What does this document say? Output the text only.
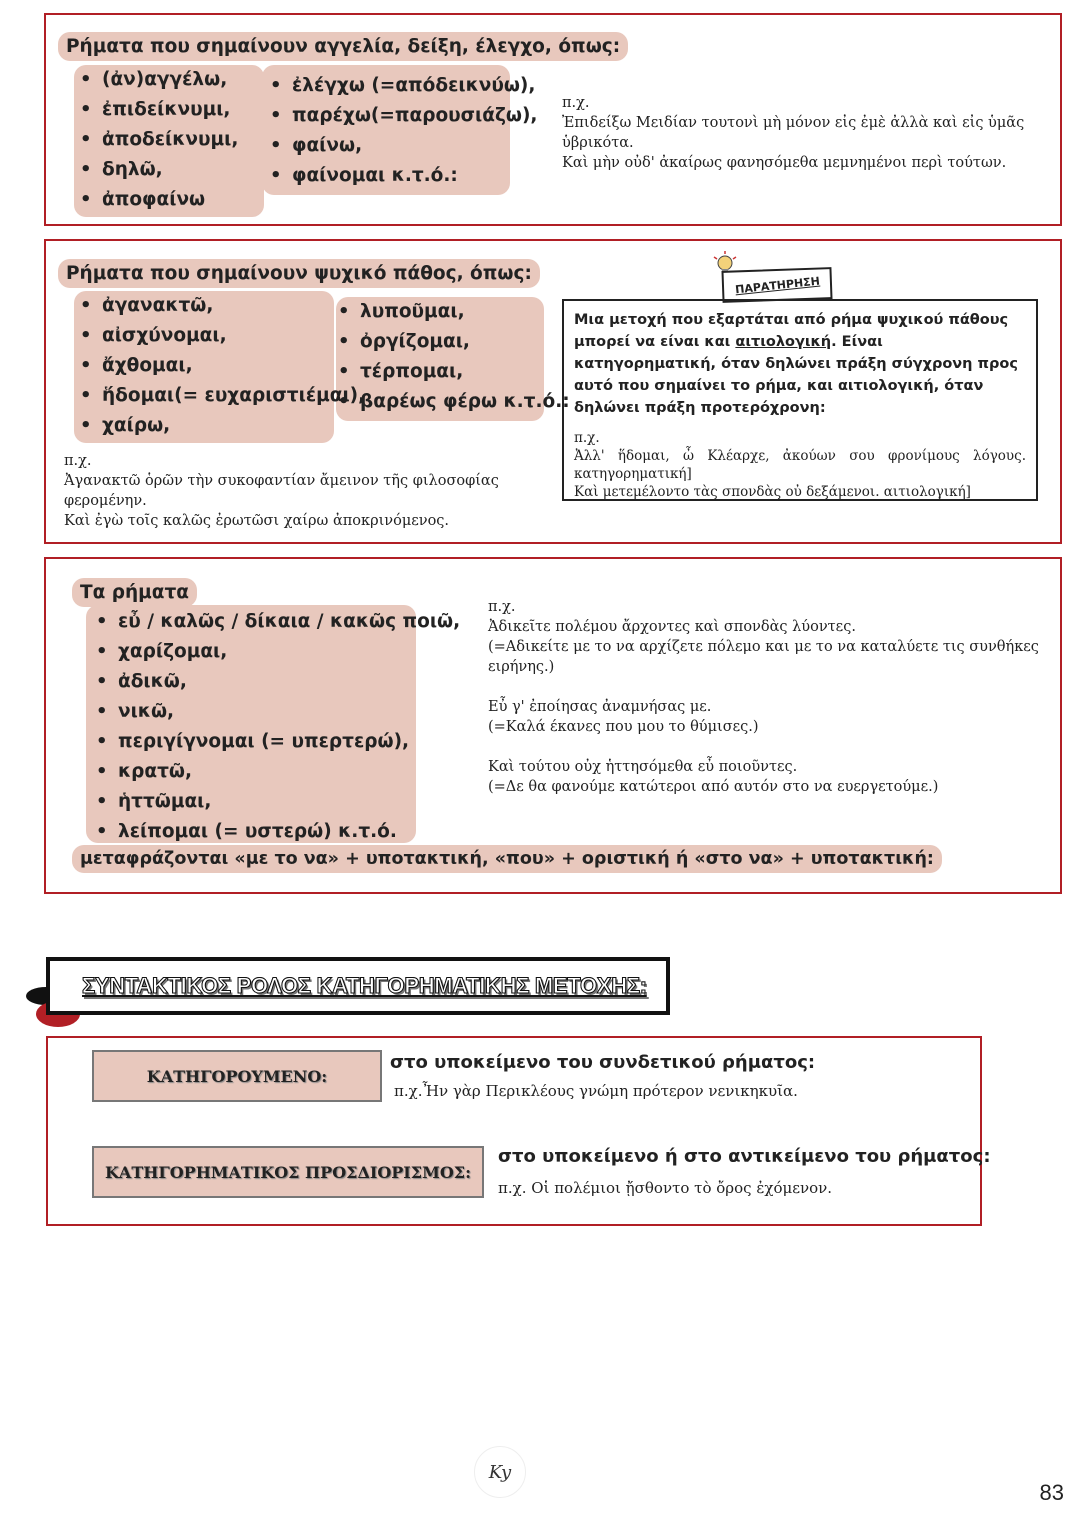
Ρήματα που σημαίνουν αγγελία, δείξη, έλεγχο, όπως:
• (ἀν)αγγέλω,
• ἐπιδείκνυμι,
• ἀποδείκνυμι,
• δηλῶ,
• ἀποφαίνω
• ἐλέγχω (=απόδεικνύω),
• παρέχω(=παρουσιάζω),
• φαίνω,
• φαίνομαι κ.τ.ό.:
π.χ.
Ἐπιδείξω Μειδίαν τουτονὶ μὴ μόνον εἰς ἐμὲ ἀλλὰ καὶ εἰς ὑμᾶς ὑβρικότα.
Καὶ μὴν οὐδ' ἀκαίρως φανησόμεθα μεμνημένοι περὶ τούτων.
Ρήματα που σημαίνουν ψυχικό πάθος, όπως:
• ἀγανακτῶ,
• αἰσχύνομαι,
• ἄχθομαι,
• ἥδομαι(= ευχαριστιέμαι),
• χαίρω,
• λυποῦμαι,
• ὀργίζομαι,
• τέρπομαι,
• βαρέως φέρω κ.τ.ό.:
π.χ.
Ἀγανακτῶ ὁρῶν τὴν συκοφαντίαν ἄμεινον τῆς φιλοσοφίας φερομένην.
Καὶ ἐγὼ τοῖς καλῶς ἐρωτῶσι χαίρω ἀποκρινόμενος.
ΠΑΡΑΤΗΡΗΣΗ
Μια μετοχή που εξαρτάται από ρήμα ψυχικού πάθους μπορεί να είναι και αιτιολογική. Είναι κατηγορηματική, όταν δηλώνει πράξη σύγχρονη προς αυτό που σημαίνει το ρήμα, και αιτιολογική, όταν δηλώνει πράξη προτερόχρονη:
π.χ.
Ἀλλ' ἥδομαι, ὦ Κλέαρχε, ἀκούων σου φρονίμους λόγους. κατηγορηματική]
Καὶ μετεμέλοντο τὰς σπονδὰς οὐ δεξάμενοι. αιτιολογική]
Τα ρήματα
• εὖ / καλῶς / δίκαια / κακῶς ποιῶ,
• χαρίζομαι,
• ἀδικῶ,
• νικῶ,
• περιγίγνομαι (= υπερτερώ),
• κρατῶ,
• ἡττῶμαι,
• λείπομαι (= υστερώ) κ.τ.ό.
μεταφράζονται «με το να» + υποτακτική, «που» + οριστική ή «στο να» + υποτακτική:
π.χ.
Ἀδικεῖτε πολέμου ἄρχοντες καὶ σπονδὰς λύοντες.
(=Αδικείτε με το να αρχίζετε πόλεμο και με το να καταλύετε τις συνθήκες ειρήνης.)
Εὖ γ' ἐποίησας ἀναμνήσας με.
(=Καλά έκανες που μου το θύμισες.)
Καὶ τούτου οὐχ ἡττησόμεθα εὖ ποιοῦντες.
(=Δε θα φανούμε κατώτεροι από αυτόν στο να ευεργετούμε.)
ΣΥΝΤΑΚΤΙΚΟΣ ΡΟΛΟΣ ΚΑΤΗΓΟΡΗΜΑΤΙΚΗΣ ΜΕΤΟΧΗΣ:
ΚΑΤΗΓΟΡΟΥΜΕΝΟ:
στο υποκείμενο του συνδετικού ρήματος:
π.χ.Ἦν γὰρ Περικλέους γνώμη πρότερον νενικηκυῖα.
ΚΑΤΗΓΟΡΗΜΑΤΙΚΟΣ ΠΡΟΣΔΙΟΡΙΣΜΟΣ:
στο υποκείμενο ή στο αντικείμενο του ρήματος:
π.χ. Οἱ πολέμιοι ᾔσθοντο τὸ ὄρος ἐχόμενον.
Ky
83
